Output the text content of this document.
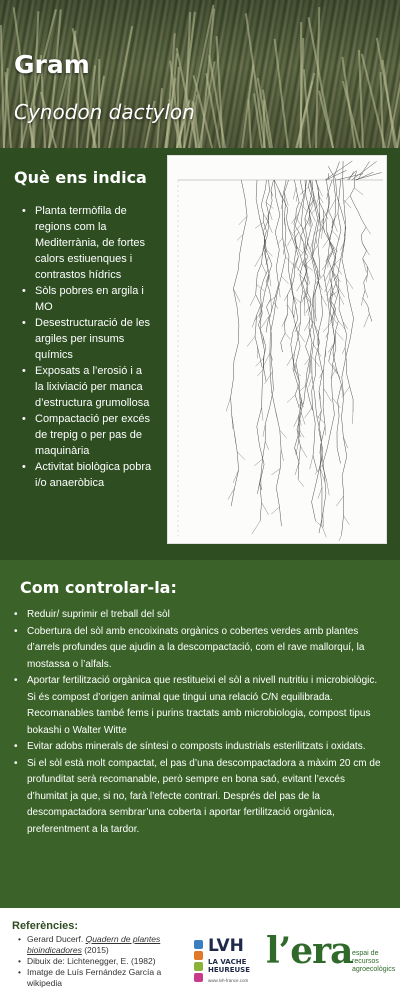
Gram
Cynodon dactylon
Què ens indica
• Planta termòfila de regions com la Mediterrània, de fortes calors estiuenques i contrastos hídrics
• Sòls pobres en argila i MO
• Desestructuració de les argiles per insums químics
• Exposats a l’erosió i a la lixiviació per manca d’estructura grumollosa
• Compactació per excés de trepig o per pas de maquinària
• Activitat biològica pobra i/o anaeròbica
Com controlar-la:
• Reduir/ suprimir el treball del sòl
• Cobertura del sòl amb encoixinats orgànics o cobertes verdes amb plantes d’arrels profundes que ajudin a la descompactació, com el rave mallorquí, la mostassa o l’alfals.
• Aportar fertilització orgànica que restitueixi el sòl a nivell nutritiu i microbiològic. Si és compost d’origen animal que tingui una relació C/N equilibrada. Recomanables també fems i purins tractats amb microbiologia, compost tipus bokashi o Walter Witte
• Evitar adobs minerals de síntesi o composts industrials esterilitzats i oxidats.
• Si el sòl està molt compactat, el pas d’una descompactadora a màxim 20 cm de profunditat serà recomanable, però sempre en bona saó, evitant l’excés d’humitat ja que, si no, farà l’efecte contrari. Després del pas de la descompactadora sembrar’una coberta i aportar fertilització orgànica, preferentment a la tardor.
Referències:
• Gerard Ducerf. Quadern de plantes bioindicadores (2015)
• Dibuix de: Lichtenegger, E. (1982)
• Imatge de Luís Fernández García a wikipedia
LVH
LA VACHE
HEUREUSE
www.lvh-france.com
l’era espai de
recursos
agroecològics
